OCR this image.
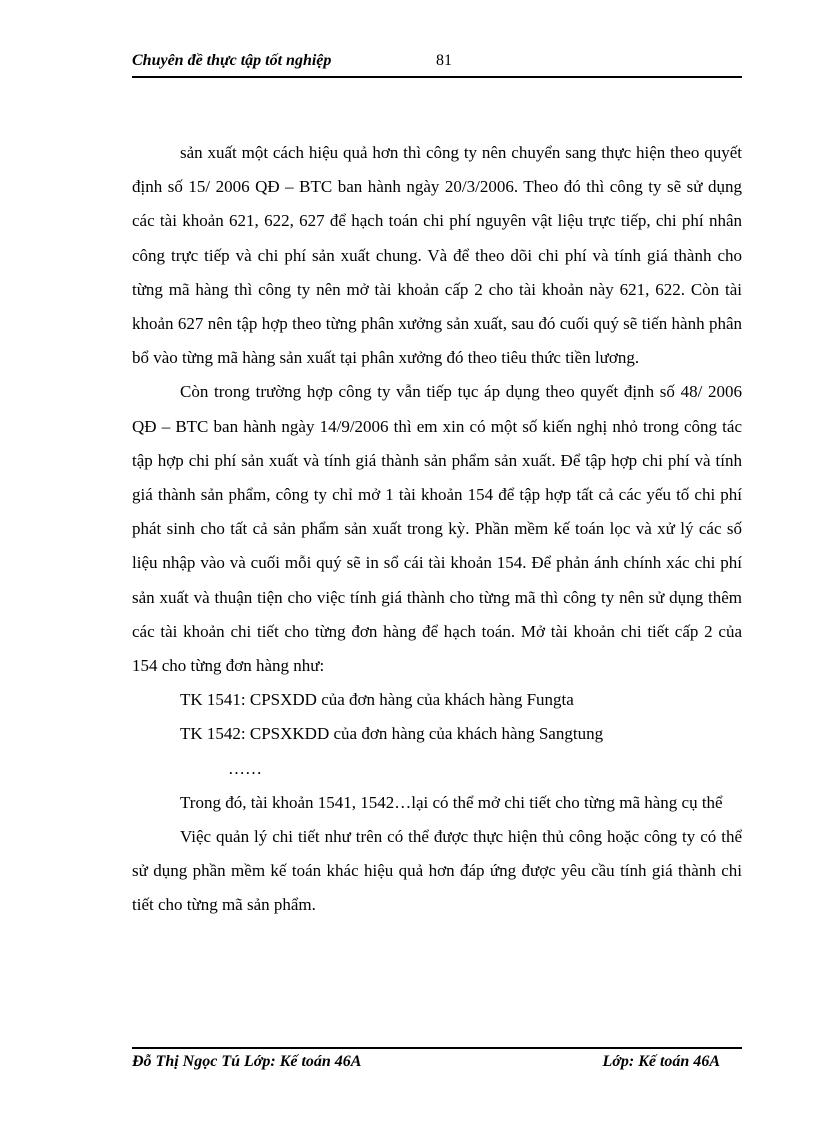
Chuyên đề thực tập tốt nghiệp	81

sản xuất một cách hiệu quả hơn thì công ty nên chuyển sang thực hiện theo quyết định số 15/ 2006 QĐ – BTC ban hành ngày 20/3/2006. Theo đó thì công ty sẽ sử dụng các tài khoản 621, 622, 627 để hạch toán chi phí nguyên vật liệu trực tiếp, chi phí nhân công trực tiếp và chi phí sản xuất chung. Và để theo dõi chi phí và tính giá thành cho từng mã hàng thì công ty nên mở tài khoản cấp 2 cho tài khoản này 621, 622. Còn tài khoản 627 nên tập hợp theo từng phân xưởng sản xuất, sau đó cuối quý sẽ tiến hành phân bổ vào từng mã hàng sản xuất tại phân xưởng đó theo tiêu thức tiền lương.

Còn trong trường hợp công ty vẫn tiếp tục áp dụng theo quyết định số 48/ 2006 QĐ – BTC ban hành ngày 14/9/2006 thì em xin có một số kiến nghị nhỏ trong công tác tập hợp chi phí sản xuất và tính giá thành sản phẩm sản xuất. Để tập hợp chi phí và tính giá thành sản phẩm, công ty chỉ mở 1 tài khoản 154 để tập hợp tất cả các yếu tố chi phí phát sinh cho tất cả sản phẩm sản xuất trong kỳ. Phần mềm kế toán lọc và xử lý các số liệu nhập vào và cuối mỗi quý sẽ in sổ cái tài khoản 154. Để phản ánh chính xác chi phí sản xuất và thuận tiện cho việc tính giá thành cho từng mã thì công ty nên sử dụng thêm các tài khoản chi tiết cho từng đơn hàng để hạch toán. Mở tài khoản chi tiết cấp 2 của 154 cho từng đơn hàng như:

TK 1541: CPSXDD của đơn hàng của khách hàng Fungta

TK 1542: CPSXKDD của đơn hàng của khách hàng Sangtung

……

Trong đó, tài khoản 1541, 1542…lại có thể mở chi tiết cho từng mã hàng cụ thể

Việc quản lý chi tiết như trên có thể được thực hiện thủ công hoặc công ty có thể sử dụng phần mềm kế toán khác hiệu quả hơn đáp ứng được yêu cầu tính giá thành chi tiết cho từng mã sản phẩm.

Đỗ Thị Ngọc Tú Lớp: Kế toán 46A	Lớp: Kế toán 46A
